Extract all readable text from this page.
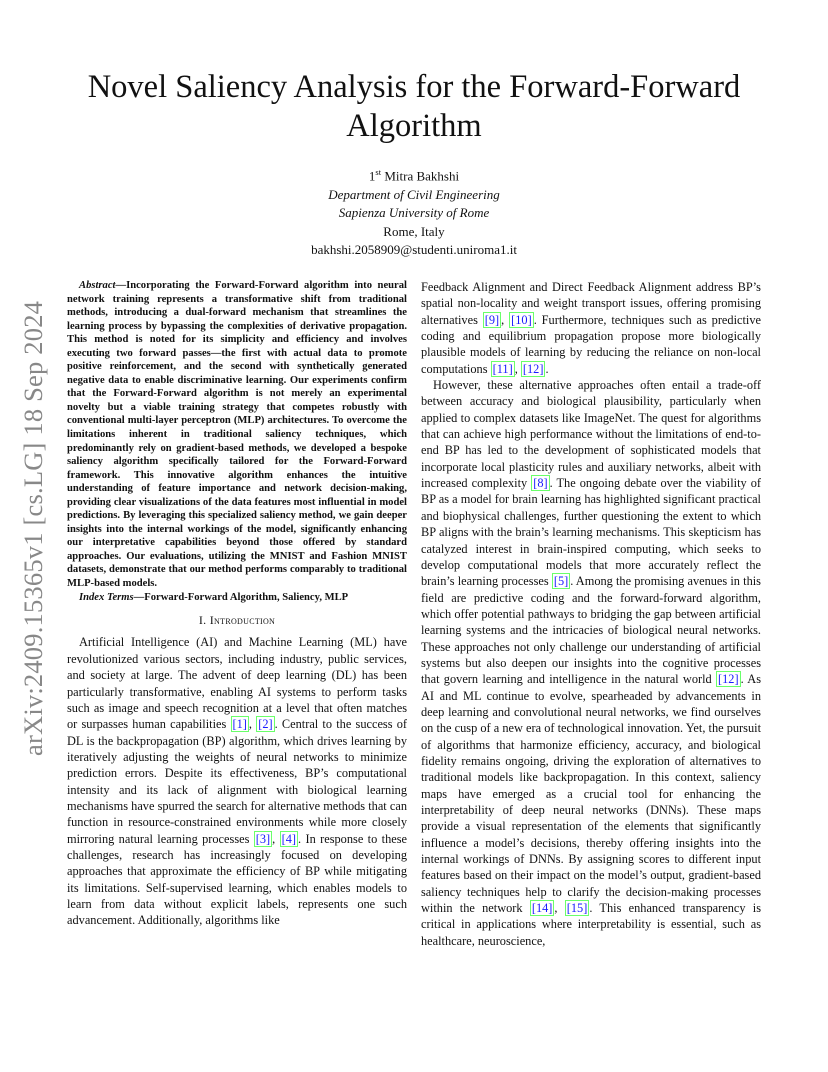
arXiv:2409.15365v1 [cs.LG] 18 Sep 2024
Novel Saliency Analysis for the Forward-Forward Algorithm
1st Mitra Bakhshi
Department of Civil Engineering
Sapienza University of Rome
Rome, Italy
bakhshi.2058909@studenti.uniroma1.it

Abstract—Incorporating the Forward-Forward algorithm into neural network training represents a transformative shift from traditional methods, introducing a dual-forward mechanism that streamlines the learning process by bypassing the complexities of derivative propagation. This method is noted for its simplicity and efficiency and involves executing two forward passes—the first with actual data to promote positive reinforcement, and the second with synthetically generated negative data to enable discriminative learning. Our experiments confirm that the Forward-Forward algorithm is not merely an experimental novelty but a viable training strategy that competes robustly with conventional multi-layer perceptron (MLP) architectures. To overcome the limitations inherent in traditional saliency techniques, which predominantly rely on gradient-based methods, we developed a bespoke saliency algorithm specifically tailored for the Forward-Forward framework. This innovative algorithm enhances the intuitive understanding of feature importance and network decision-making, providing clear visualizations of the data features most influential in model predictions. By leveraging this specialized saliency method, we gain deeper insights into the internal workings of the model, significantly enhancing our interpretative capabilities beyond those offered by standard approaches. Our evaluations, utilizing the MNIST and Fashion MNIST datasets, demonstrate that our method performs comparably to traditional MLP-based models.

Index Terms—Forward-Forward Algorithm, Saliency, MLP

I. Introduction

Artificial Intelligence (AI) and Machine Learning (ML) have revolutionized various sectors, including industry, public services, and society at large. The advent of deep learning (DL) has been particularly transformative, enabling AI systems to perform tasks such as image and speech recognition at a level that often matches or surpasses human capabilities [1] , [2] . Central to the success of DL is the backpropagation (BP) algorithm, which drives learning by iteratively adjusting the weights of neural networks to minimize prediction errors. Despite its effectiveness, BP’s computational intensity and its lack of alignment with biological learning mechanisms have spurred the search for alternative methods that can function in resource-constrained environments while more closely mirroring natural learning processes [3] , [4] . In response to these challenges, research has increasingly focused on developing approaches that approximate the efficiency of BP while mitigating its limitations. Self-supervised learning, which enables models to learn from data without explicit labels, represents one such advancement. Additionally, algorithms like

Feedback Alignment and Direct Feedback Alignment address BP’s spatial non-locality and weight transport issues, offering promising alternatives [9] , [10] . Furthermore, techniques such as predictive coding and equilibrium propagation propose more biologically plausible models of learning by reducing the reliance on non-local computations [11] , [12] .

However, these alternative approaches often entail a trade-off between accuracy and biological plausibility, particularly when applied to complex datasets like ImageNet. The quest for algorithms that can achieve high performance without the limitations of end-to-end BP has led to the development of sophisticated models that incorporate local plasticity rules and auxiliary networks, albeit with increased complexity [8] . The ongoing debate over the viability of BP as a model for brain learning has highlighted significant practical and biophysical challenges, further questioning the extent to which BP aligns with the brain’s learning mechanisms. This skepticism has catalyzed interest in brain-inspired computing, which seeks to develop computational models that more accurately reflect the brain’s learning processes [5] . Among the promising avenues in this field are predictive coding and the forward-forward algorithm, which offer potential pathways to bridging the gap between artificial learning systems and the intricacies of biological neural networks. These approaches not only challenge our understanding of artificial systems but also deepen our insights into the cognitive processes that govern learning and intelligence in the natural world [12] . As AI and ML continue to evolve, spearheaded by advancements in deep learning and convolutional neural networks, we find ourselves on the cusp of a new era of technological innovation. Yet, the pursuit of algorithms that harmonize efficiency, accuracy, and biological fidelity remains ongoing, driving the exploration of alternatives to traditional models like backpropagation. In this context, saliency maps have emerged as a crucial tool for enhancing the interpretability of deep neural networks (DNNs). These maps provide a visual representation of the elements that significantly influence a model’s decisions, thereby offering insights into the internal workings of DNNs. By assigning scores to different input features based on their impact on the model’s output, gradient-based saliency techniques help to clarify the decision-making processes within the network [14] , [15] . This enhanced transparency is critical in applications where interpretability is essential, such as healthcare, neuroscience,
